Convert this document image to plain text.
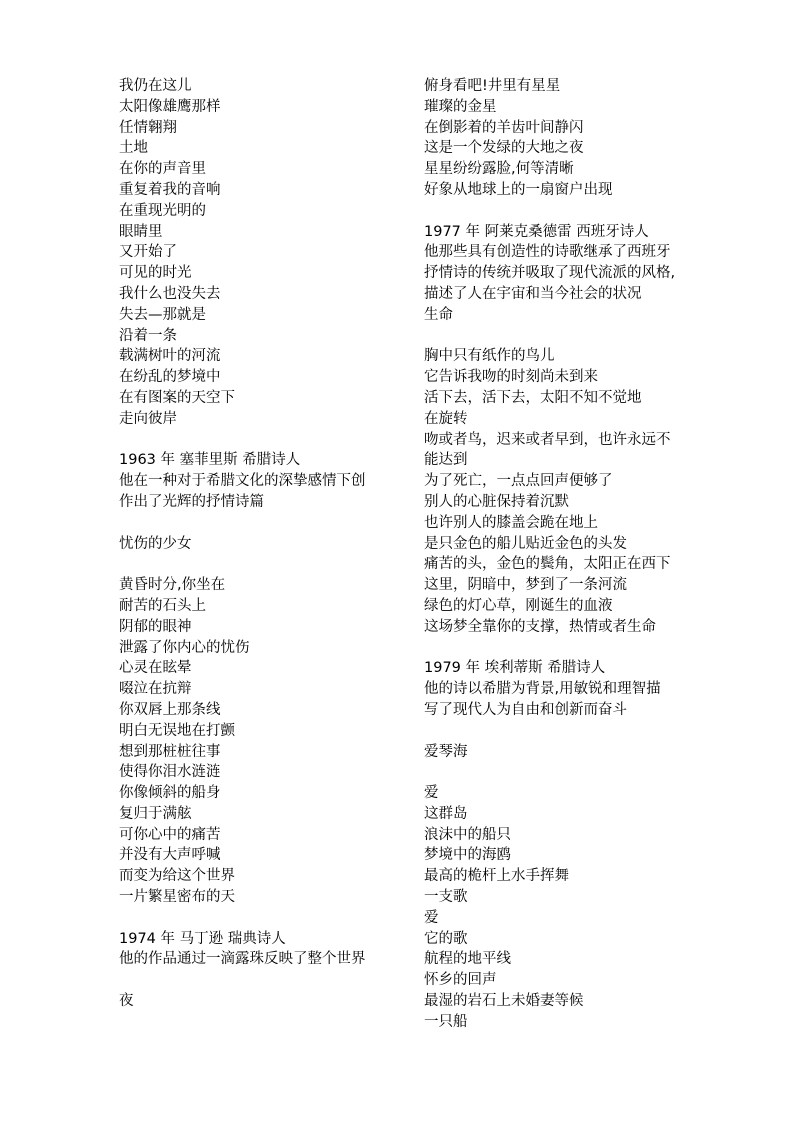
我仍在这儿
太阳像雄鹰那样
任情翱翔
土地
在你的声音里
重复着我的音响
在重现光明的
眼睛里
又开始了
可见的时光
我什么也没失去
失去—那就是
沿着一条
载满树叶的河流
在纷乱的梦境中
在有图案的天空下
走向彼岸
1963 年 塞菲里斯 希腊诗人
他在一种对于希腊文化的深挚感情下创
作出了光辉的抒情诗篇
忧伤的少女
黄昏时分,你坐在
耐苦的石头上
阴郁的眼神
泄露了你内心的忧伤
心灵在眩晕
啜泣在抗辩
你双唇上那条线
明白无误地在打颤
想到那桩桩往事
使得你泪水涟涟
你像倾斜的船身
复归于满舷
可你心中的痛苦
并没有大声呼喊
而变为给这个世界
一片繁星密布的天
1974 年 马丁逊 瑞典诗人
他的作品通过一滴露珠反映了整个世界
夜
俯身看吧!井里有星星
璀璨的金星
在倒影着的羊齿叶间静闪
这是一个发绿的大地之夜
星星纷纷露脸,何等清晰
好象从地球上的一扇窗户出现
1977 年 阿莱克桑德雷 西班牙诗人
他那些具有创造性的诗歌继承了西班牙
抒情诗的传统并吸取了现代流派的风格,
描述了人在宇宙和当今社会的状况
生命
胸中只有纸作的鸟儿
它告诉我吻的时刻尚未到来
活下去，活下去，太阳不知不觉地
在旋转
吻或者鸟，迟来或者早到，也许永远不
能达到
为了死亡，一点点回声便够了
别人的心脏保持着沉默
也许别人的膝盖会跪在地上
是只金色的船儿贴近金色的头发
痛苦的头，金色的鬓角，太阳正在西下
这里，阴暗中，梦到了一条河流
绿色的灯心草，刚诞生的血液
这场梦全靠你的支撑，热情或者生命
1979 年 埃利蒂斯 希腊诗人
他的诗以希腊为背景,用敏锐和理智描
写了现代人为自由和创新而奋斗
爱琴海
爱
这群岛
浪沫中的船只
梦境中的海鸥
最高的桅杆上水手挥舞
一支歌
爱
它的歌
航程的地平线
怀乡的回声
最湿的岩石上未婚妻等候
一只船
